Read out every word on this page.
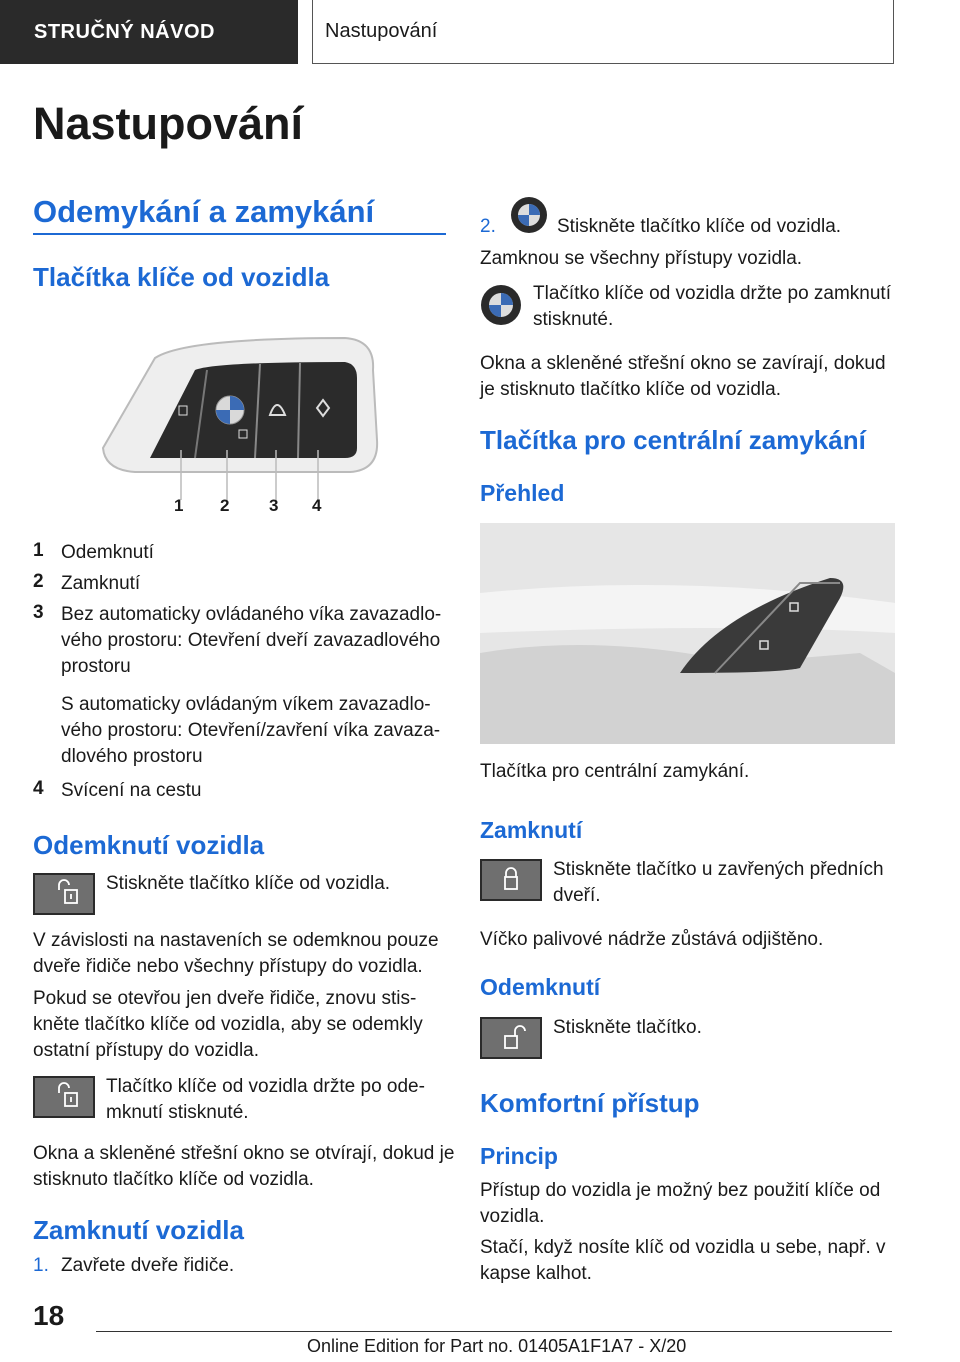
STRUČNÝ NÁVOD	Nastupování
Nastupování
Odemykání a zamykání
Tlačítka klíče od vozidla
1 2 3 4
1 Odemknutí
2 Zamknutí
3 Bez automaticky ovládaného víka zavazadlo-
vého prostoru: Otevření dveří zavazadlového
prostoru
S automaticky ovládaným víkem zavazadlo-
vého prostoru: Otevření/zavření víka zavaza-
dlového prostoru
4 Svícení na cestu
Odemknutí vozidla

Stiskněte tlačítko klíče od vozidla.

V závislosti na nastaveních se odemknou pouze

dveře řidiče nebo všechny přístupy do vozidla.

Pokud se otevřou jen dveře řidiče, znovu stis-

kněte tlačítko klíče od vozidla, aby se odemkly

ostatní přístupy do vozidla.

Tlačítko klíče od vozidla držte po ode-

mknutí stisknuté.

Okna a skleněné střešní okno se otvírají, dokud je

stisknuto tlačítko klíče od vozidla.

Zamknutí vozidla
1. Zavřete dveře řidiče.
2.	Stiskněte tlačítko klíče od vozidla.

Zamknou se všechny přístupy vozidla.

Tlačítko klíče od vozidla držte po zamknutí

stisknuté.

Okna a skleněné střešní okno se zavírají, dokud

je stisknuto tlačítko klíče od vozidla.

Tlačítka pro centrální zamykání
Přehled

Tlačítka pro centrální zamykání.

Zamknutí

Stiskněte tlačítko u zavřených předních

dveří.

Víčko palivové nádrže zůstává odjištěno.

Odemknutí

Stiskněte tlačítko.

Komfortní přístup
Princip

Přístup do vozidla je možný bez použití klíče od

vozidla.

Stačí, když nosíte klíč od vozidla u sebe, např. v

kapse kalhot.

18
Online Edition for Part no. 01405A1F1A7 - X/20
